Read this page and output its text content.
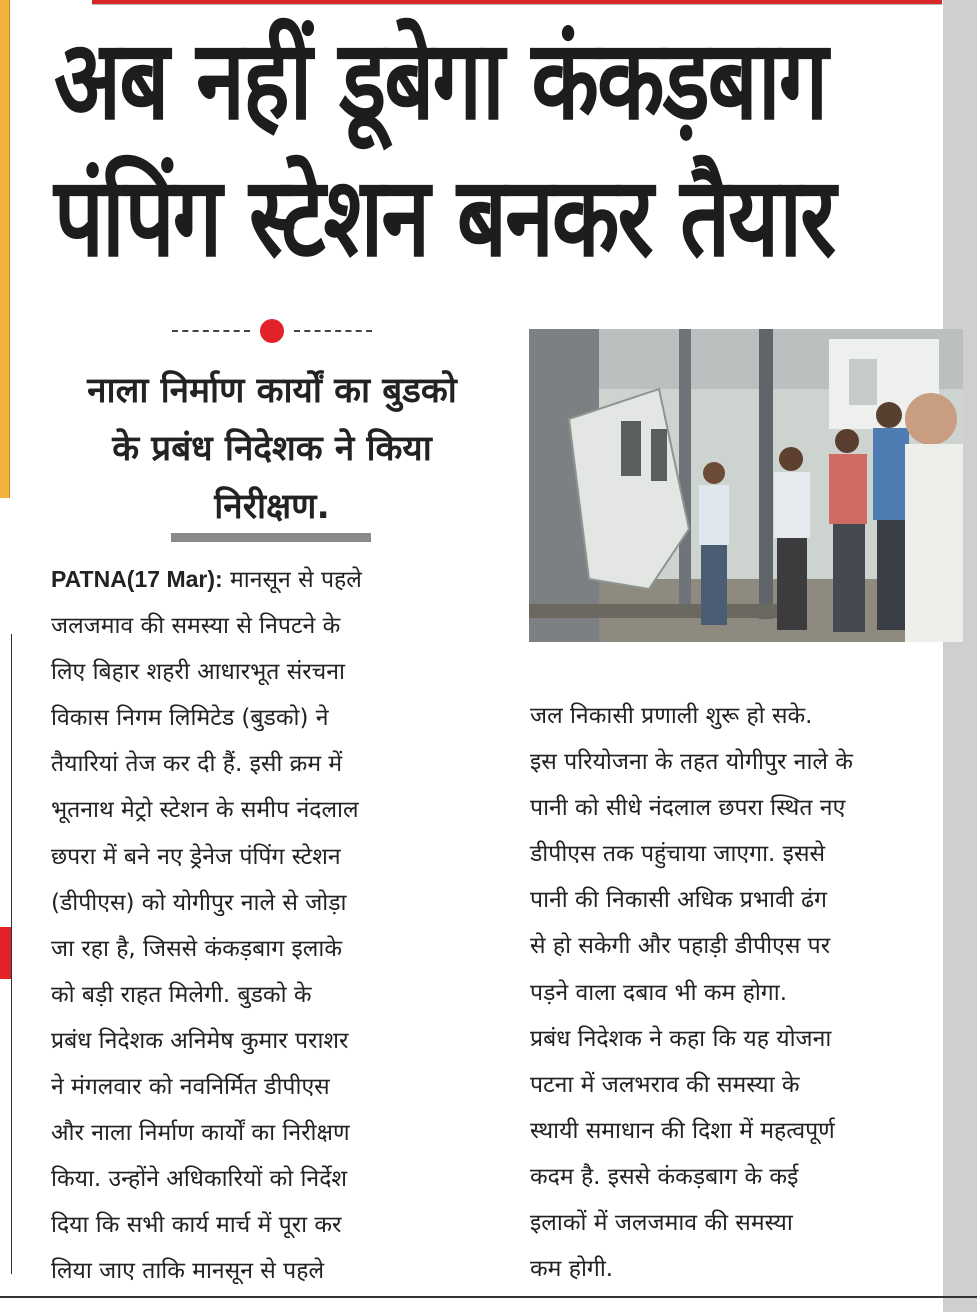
अब नहीं डूबेगा कंकड़बाग
पंपिंग स्टेशन बनकर तैयार
नाला निर्माण कार्यों का बुडको
के प्रबंध निदेशक ने किया
निरीक्षण.
PATNA(17 Mar): मानसून से पहले
जलजमाव की समस्या से निपटने के
लिए बिहार शहरी आधारभूत संरचना
विकास निगम लिमिटेड (बुडको) ने
तैयारियां तेज कर दी हैं. इसी क्रम में
भूतनाथ मेट्रो स्टेशन के समीप नंदलाल
छपरा में बने नए ड्रेनेज पंपिंग स्टेशन
(डीपीएस) को योगीपुर नाले से जोड़ा
जा रहा है, जिससे कंकड़बाग इलाके
को बड़ी राहत मिलेगी. बुडको के
प्रबंध निदेशक अनिमेष कुमार पराशर
ने मंगलवार को नवनिर्मित डीपीएस
और नाला निर्माण कार्यों का निरीक्षण
किया. उन्होंने अधिकारियों को निर्देश
दिया कि सभी कार्य मार्च में पूरा कर
लिया जाए ताकि मानसून से पहले
जल निकासी प्रणाली शुरू हो सके.
इस परियोजना के तहत योगीपुर नाले के
पानी को सीधे नंदलाल छपरा स्थित नए
डीपीएस तक पहुंचाया जाएगा. इससे
पानी की निकासी अधिक प्रभावी ढंग
से हो सकेगी और पहाड़ी डीपीएस पर
पड़ने वाला दबाव भी कम होगा.
प्रबंध निदेशक ने कहा कि यह योजना
पटना में जलभराव की समस्या के
स्थायी समाधान की दिशा में महत्वपूर्ण
कदम है. इससे कंकड़बाग के कई
इलाकों में जलजमाव की समस्या
कम होगी.
